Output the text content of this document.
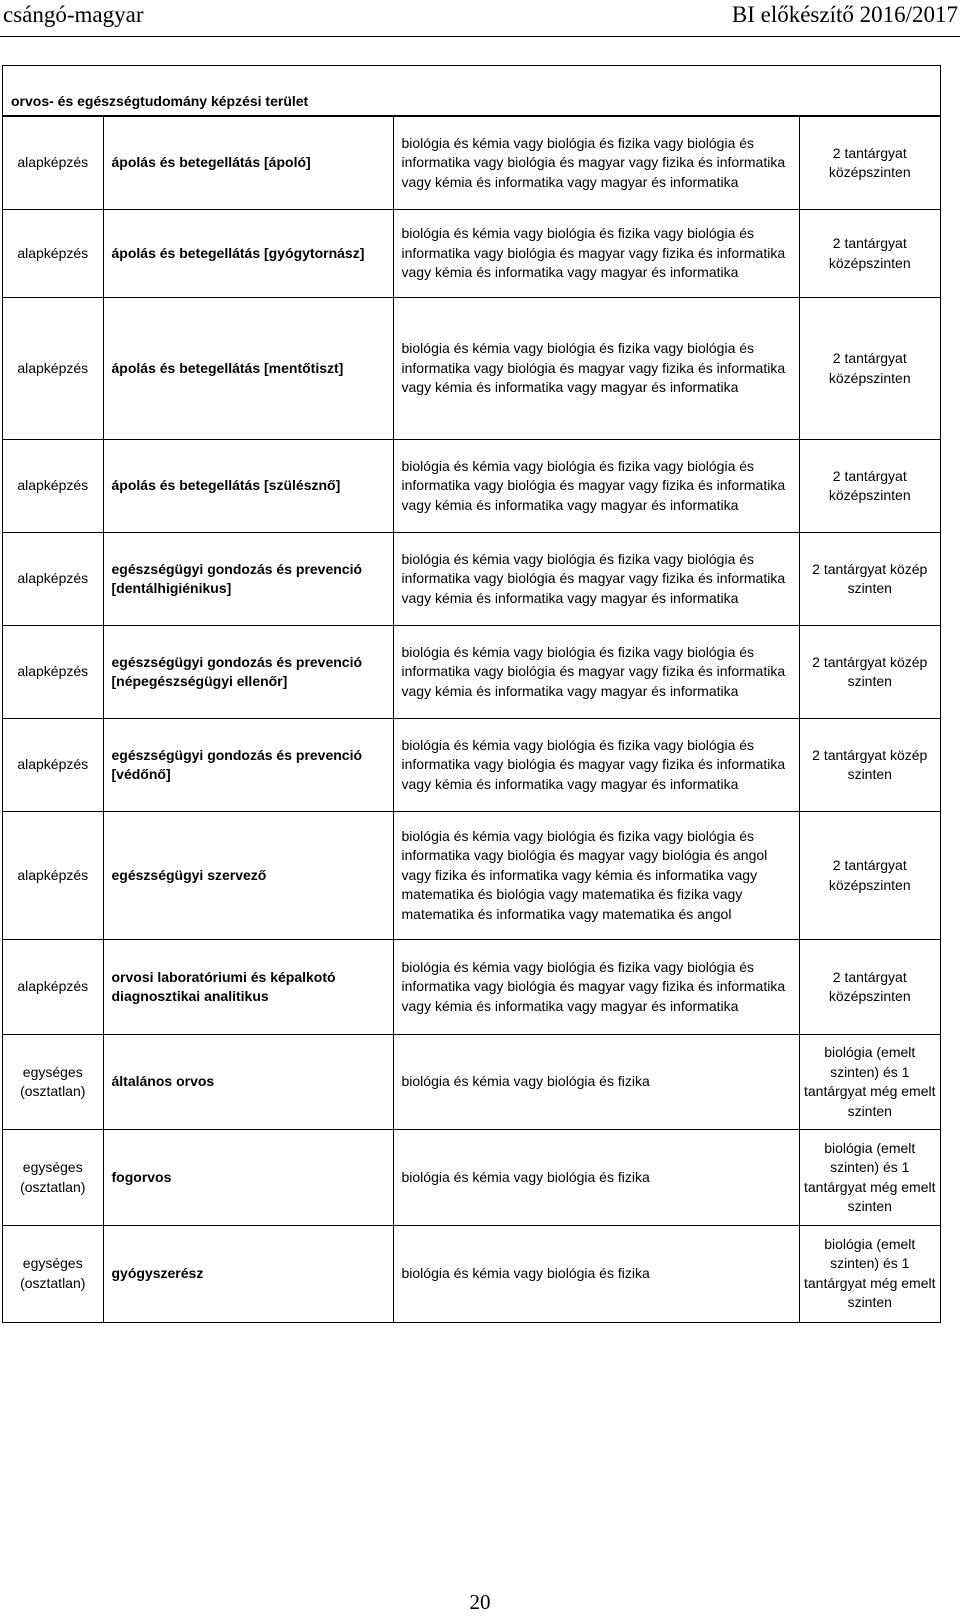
csángó-magyar	BI előkészítő 2016/2017
orvos- és egészségtudomány képzési terület
alapképzés	ápolás és betegellátás [ápoló]	biológia és kémia vagy biológia és fizika vagy biológia és informatika vagy biológia és magyar vagy fizika és informatika vagy kémia és informatika vagy magyar és informatika	2 tantárgyat középszinten
alapképzés	ápolás és betegellátás [gyógytornász]	biológia és kémia vagy biológia és fizika vagy biológia és informatika vagy biológia és magyar vagy fizika és informatika vagy kémia és informatika vagy magyar és informatika	2 tantárgyat középszinten
alapképzés	ápolás és betegellátás [mentőtiszt]	biológia és kémia vagy biológia és fizika vagy biológia és informatika vagy biológia és magyar vagy fizika és informatika vagy kémia és informatika vagy magyar és informatika	2 tantárgyat középszinten
alapképzés	ápolás és betegellátás [szülésznő]	biológia és kémia vagy biológia és fizika vagy biológia és informatika vagy biológia és magyar vagy fizika és informatika vagy kémia és informatika vagy magyar és informatika	2 tantárgyat középszinten
alapképzés	egészségügyi gondozás és prevenció [dentálhigiénikus]	biológia és kémia vagy biológia és fizika vagy biológia és informatika vagy biológia és magyar vagy fizika és informatika vagy kémia és informatika vagy magyar és informatika	2 tantárgyat közép szinten
alapképzés	egészségügyi gondozás és prevenció [népegészségügyi ellenőr]	biológia és kémia vagy biológia és fizika vagy biológia és informatika vagy biológia és magyar vagy fizika és informatika vagy kémia és informatika vagy magyar és informatika	2 tantárgyat közép szinten
alapképzés	egészségügyi gondozás és prevenció [védőnő]	biológia és kémia vagy biológia és fizika vagy biológia és informatika vagy biológia és magyar vagy fizika és informatika vagy kémia és informatika vagy magyar és informatika	2 tantárgyat közép szinten
alapképzés	egészségügyi szervező	biológia és kémia vagy biológia és fizika vagy biológia és informatika vagy biológia és magyar vagy biológia és angol vagy fizika és informatika vagy kémia és informatika vagy matematika és biológia vagy matematika és fizika vagy matematika és informatika vagy matematika és angol	2 tantárgyat középszinten
alapképzés	orvosi laboratóriumi és képalkotó diagnosztikai analitikus	biológia és kémia vagy biológia és fizika vagy biológia és informatika vagy biológia és magyar vagy fizika és informatika vagy kémia és informatika vagy magyar és informatika	2 tantárgyat középszinten
egységes (osztatlan)	általános orvos	biológia és kémia vagy biológia és fizika	biológia (emelt szinten) és 1 tantárgyat még emelt szinten
egységes (osztatlan)	fogorvos	biológia és kémia vagy biológia és fizika	biológia (emelt szinten) és 1 tantárgyat még emelt szinten
egységes (osztatlan)	gyógyszerész	biológia és kémia vagy biológia és fizika	biológia (emelt szinten) és 1 tantárgyat még emelt szinten
20
